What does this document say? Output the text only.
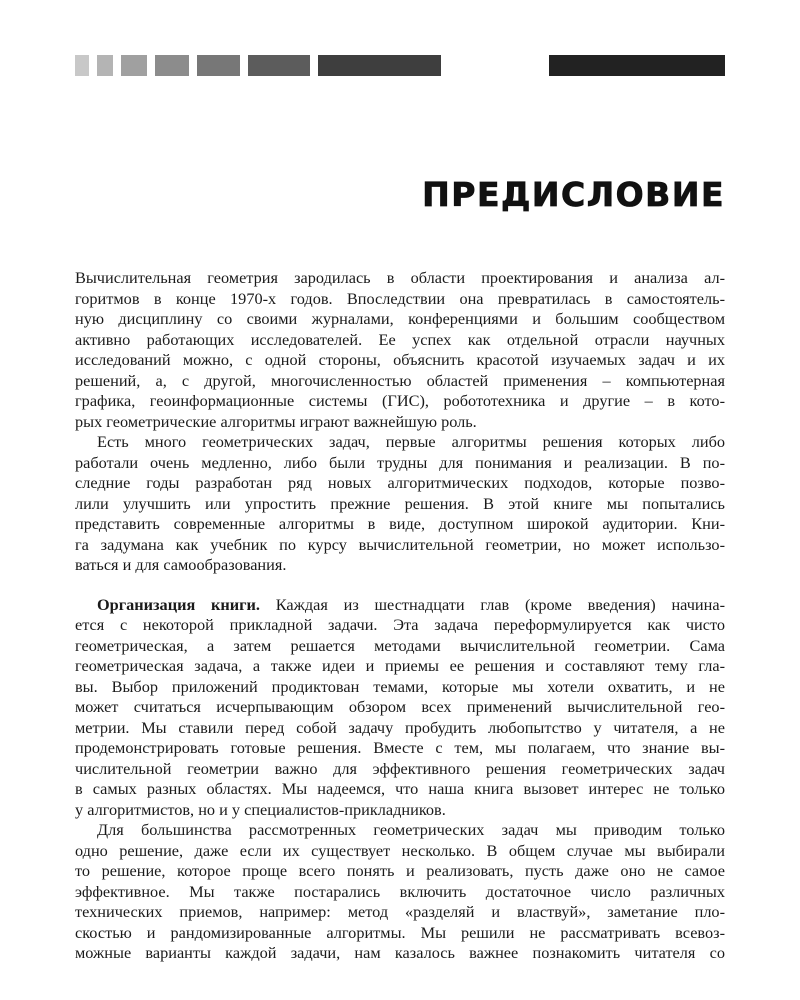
ПРЕДИСЛОВИЕ

Вычислительная геометрия зародилась в области проектирования и анализа ал-
горитмов в конце 1970-х годов. Впоследствии она превратилась в самостоятель-
ную дисциплину со своими журналами, конференциями и большим сообществом
активно работающих исследователей. Ее успех как отдельной отрасли научных
исследований можно, с одной стороны, объяснить красотой изучаемых задач и их
решений, а, с другой, многочисленностью областей применения – компьютерная
графика, геоинформационные системы (ГИС), робототехника и другие – в кото-
рых геометрические алгоритмы играют важнейшую роль.

Есть много геометрических задач, первые алгоритмы решения которых либо
работали очень медленно, либо были трудны для понимания и реализации. В по-
следние годы разработан ряд новых алгоритмических подходов, которые позво-
лили улучшить или упростить прежние решения. В этой книге мы попытались
представить современные алгоритмы в виде, доступном широкой аудитории. Кни-
га задумана как учебник по курсу вычислительной геометрии, но может использо-
ваться и для самообразования.

Организация книги. Каждая из шестнадцати глав (кроме введения) начина-
ется с некоторой прикладной задачи. Эта задача переформулируется как чисто
геометрическая, а затем решается методами вычислительной геометрии. Сама
геометрическая задача, а также идеи и приемы ее решения и составляют тему гла-
вы. Выбор приложений продиктован темами, которые мы хотели охватить, и не
может считаться исчерпывающим обзором всех применений вычислительной гео-
метрии. Мы ставили перед собой задачу пробудить любопытство у читателя, а не
продемонстрировать готовые решения. Вместе с тем, мы полагаем, что знание вы-
числительной геометрии важно для эффективного решения геометрических задач
в самых разных областях. Мы надеемся, что наша книга вызовет интерес не только
у алгоритмистов, но и у специалистов-прикладников.

Для большинства рассмотренных геометрических задач мы приводим только
одно решение, даже если их существует несколько. В общем случае мы выбирали
то решение, которое проще всего понять и реализовать, пусть даже оно не самое
эффективное. Мы также постарались включить достаточное число различных
технических приемов, например: метод «разделяй и властвуй», заметание пло-
скостью и рандомизированные алгоритмы. Мы решили не рассматривать всевоз-
можные варианты каждой задачи, нам казалось важнее познакомить читателя со
